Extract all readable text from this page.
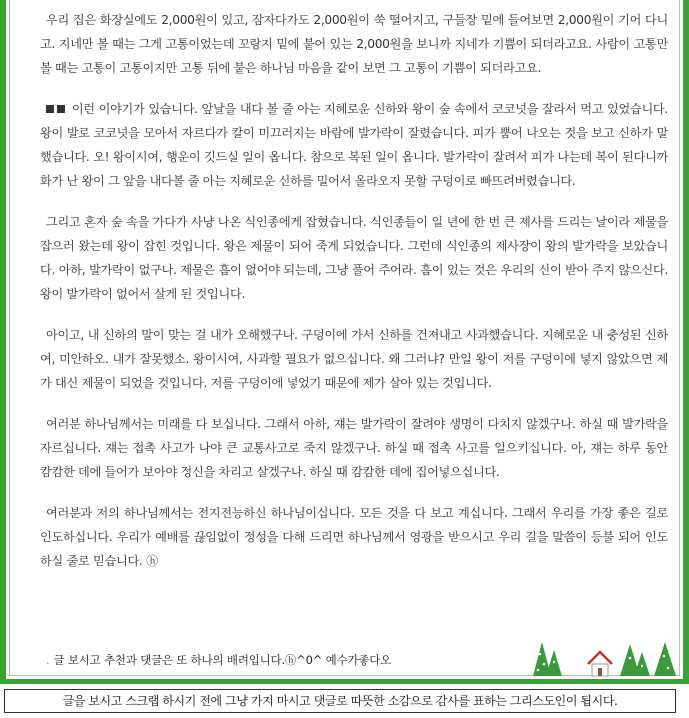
우리 집은 화장실에도 2,000원이 있고, 잠자다가도 2,000원이 쑥 떨어지고, 구들장 밑에 들어보면 2,000원이 기어 다니고. 지네만 볼 때는 그게 고통이었는데 꼬랑지 밑에 붙어 있는 2,000원을 보니까 지네가 기쁨이 되더라고요. 사람이 고통만 볼 때는 고통이 고통이지만 고통 뒤에 붙은 하나님 마음을 같이 보면 그 고통이 기쁨이 되더라고요.

이런 이야기가 있습니다. 앞날을 내다 볼 줄 아는 지혜로운 신하와 왕이 숲 속에서 코코넛을 잘라서 먹고 있었습니다. 왕이 발로 코코넛을 모아서 자르다가 칼이 미끄러지는 바람에 발가락이 잘렸습니다. 피가 뿜어 나오는 것을 보고 신하가 말했습니다. 오! 왕이시여, 행운이 깃드실 일이 옵니다. 참으로 복된 일이 옵니다. 발가락이 잘려서 피가 나는데 복이 된다니까 화가 난 왕이 그 앞을 내다볼 줄 아는 지혜로운 신하를 밀어서 올라오지 못할 구덩이로 빠뜨려버렸습니다.

그리고 혼자 숲 속을 가다가 사냥 나온 식인종에게 잡혔습니다. 식인종들이 일 년에 한 번 큰 제사를 드리는 날이라 제물을 잡으러 왔는데 왕이 잡힌 것입니다. 왕은 제물이 되어 죽게 되었습니다. 그런데 식인종의 제사장이 왕의 발가락을 보았습니다. 아하, 발가락이 없구나. 제물은 흠이 없어야 되는데, 그냥 풀어 주어라. 흠이 있는 것은 우리의 신이 받아 주지 않으신다. 왕이 발가락이 없어서 살게 된 것입니다.

아이고, 내 신하의 말이 맞는 걸 내가 오해했구나. 구덩이에 가서 신하를 건져내고 사과했습니다. 지혜로운 내 충성된 신하여, 미안하오. 내가 잘못했소. 왕이시여, 사과할 필요가 없으십니다. 왜 그러냐? 만일 왕이 저를 구덩이에 넣지 않았으면 제가 대신 제물이 되었을 것입니다. 저를 구덩이에 넣었기 때문에 제가 살아 있는 것입니다.

여러분 하나님께서는 미래를 다 보십니다. 그래서 아하, 쟤는 발가락이 잘려야 생명이 다치지 않겠구나. 하실 때 발가락을 자르십니다. 쟤는 접촉 사고가 나야 큰 교통사고로 죽지 않겠구나. 하실 때 접촉 사고를 일으키십니다. 아, 쟤는 하루 동안 캄캄한 데에 들어가 보아야 정신을 차리고 살겠구나. 하실 때 캄캄한 데에 집어넣으십니다.

여러분과 저의 하나님께서는 전지전능하신 하나님이십니다. 모든 것을 다 보고 계십니다. 그래서 우리를 가장 좋은 길로 인도하십니다. 우리가 예배를 끊임없이 정성을 다해 드리면 하나님께서 영광을 받으시고 우리 길을 말씀이 등불 되어 인도하실 줄로 믿습니다. ⓗ

. 글 보시고 추천과 댓글은 또 하나의 배려입니다.ⓗ^0^ 예수가좋다오
글을 보시고 스크랩 하시기 전에 그냥 가지 마시고 댓글로 따뜻한 소감으로 감사를 표하는 그리스도인이 됩시다.
